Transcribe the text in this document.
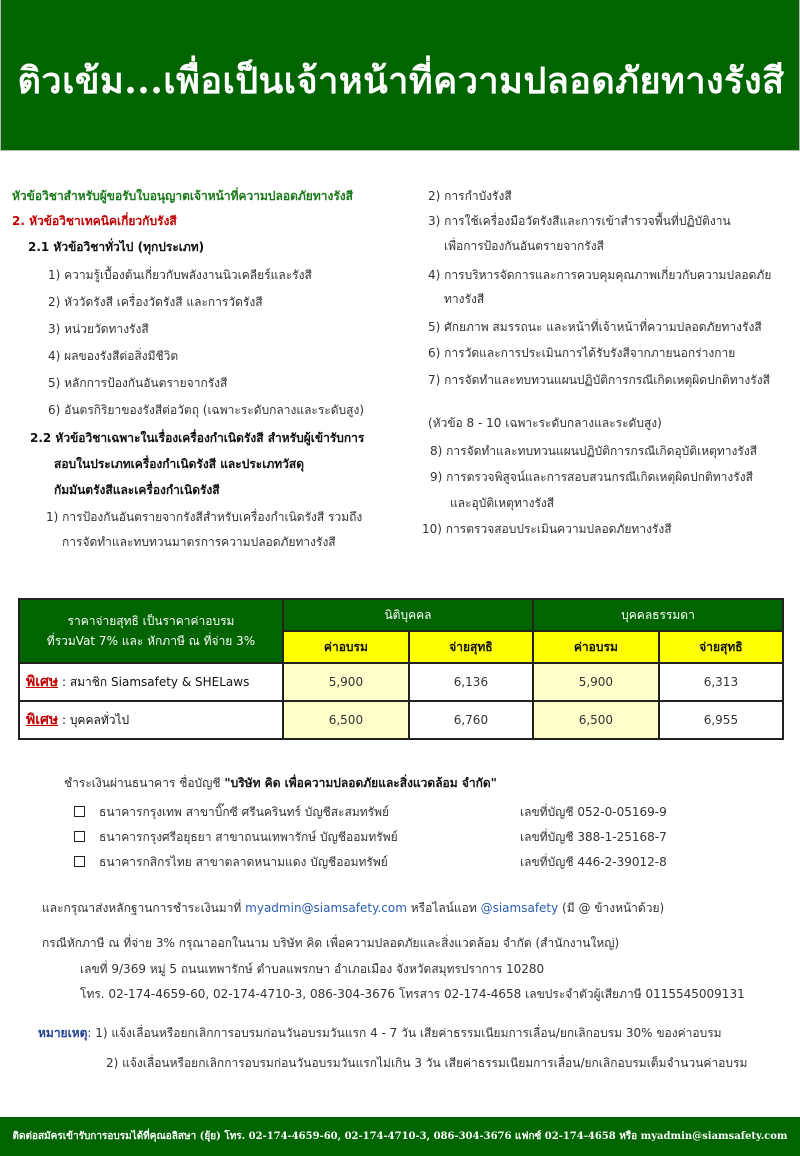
ติวเข้ม...เพื่อเป็นเจ้าหน้าที่ความปลอดภัยทางรังสี
หัวข้อวิชาสำหรับผู้ขอรับใบอนุญาตเจ้าหน้าที่ความปลอดภัยทางรังสี
2. หัวข้อวิชาเทคนิคเกี่ยวกับรังสี
2.1 หัวข้อวิชาทั่วไป (ทุกประเภท)
1) ความรู้เบื้องต้นเกี่ยวกับพลังงานนิวเคลียร์และรังสี
2) หัววัดรังสี เครื่องวัดรังสี และการวัดรังสี
3) หน่วยวัดทางรังสี
4) ผลของรังสีต่อสิ่งมีชีวิต
5) หลักการป้องกันอันตรายจากรังสี
6) อันตรกิริยาของรังสีต่อวัตถุ (เฉพาะระดับกลางและระดับสูง)
2.2 หัวข้อวิชาเฉพาะในเรื่องเครื่องกำเนิดรังสี สำหรับผู้เข้ารับการ
สอบในประเภทเครื่องกำเนิดรังสี และประเภทวัสดุ
กัมมันตรังสีและเครื่องกำเนิดรังสี
1) การป้องกันอันตรายจากรังสีสำหรับเครื่องกำเนิดรังสี รวมถึง
การจัดทำและทบทวนมาตรการความปลอดภัยทางรังสี
2) การกำบังรังสี
3) การใช้เครื่องมือวัดรังสีและการเข้าสำรวจพื้นที่ปฏิบัติงาน
เพื่อการป้องกันอันตรายจากรังสี
4) การบริหารจัดการและการควบคุมคุณภาพเกี่ยวกับความปลอดภัย
ทางรังสี
5) ศักยภาพ สมรรถนะ และหน้าที่เจ้าหน้าที่ความปลอดภัยทางรังสี
6) การวัดและการประเมินการได้รับรังสีจากภายนอกร่างกาย
7) การจัดทำและทบทวนแผนปฏิบัติการกรณีเกิดเหตุผิดปกติทางรังสี
(หัวข้อ 8 - 10 เฉพาะระดับกลางและระดับสูง)
8) การจัดทำและทบทวนแผนปฏิบัติการกรณีเกิดอุบัติเหตุทางรังสี
9) การตรวจพิสูจน์และการสอบสวนกรณีเกิดเหตุผิดปกติทางรังสี
และอุบัติเหตุทางรังสี
10) การตรวจสอบประเมินความปลอดภัยทางรังสี
ราคาจ่ายสุทธิ เป็นราคาค่าอบรม
ที่รวมVat 7% และ หักภาษี ณ ที่จ่าย 3%	นิติบุคคล		บุคคลธรรมดา	
	ค่าอบรม	จ่ายสุทธิ	ค่าอบรม	จ่ายสุทธิ
พิเศษ : สมาชิก Siamsafety & SHELaws	5,900	6,136	5,900	6,313
พิเศษ : บุคคลทั่วไป	6,500	6,760	6,500	6,955
ชำระเงินผ่านธนาคาร ชื่อบัญชี "บริษัท คิด เพื่อความปลอดภัยและสิ่งแวดล้อม จำกัด"
ธนาคารกรุงเทพ สาขาบิ๊กซี ศรีนครินทร์ บัญชีสะสมทรัพย์	เลขที่บัญชี 052-0-05169-9
ธนาคารกรุงศรีอยุธยา สาขาถนนเทพารักษ์ บัญชีออมทรัพย์	เลขที่บัญชี 388-1-25168-7
ธนาคารกสิกรไทย สาขาตลาดหนามแดง บัญชีออมทรัพย์	เลขที่บัญชี 446-2-39012-8
และกรุณาส่งหลักฐานการชำระเงินมาที่ myadmin@siamsafety.com หรือไลน์แอท @siamsafety (มี @ ข้างหน้าด้วย)
กรณีหักภาษี ณ ที่จ่าย 3% กรุณาออกในนาม บริษัท คิด เพื่อความปลอดภัยและสิ่งแวดล้อม จำกัด (สำนักงานใหญ่)
เลขที่ 9/369 หมู่ 5 ถนนเทพารักษ์ ตำบลแพรกษา อำเภอเมือง จังหวัดสมุทรปราการ 10280
โทร. 02-174-4659-60, 02-174-4710-3, 086-304-3676 โทรสาร 02-174-4658 เลขประจำตัวผู้เสียภาษี 0115545009131
หมายเหตุ: 1) แจ้งเลื่อนหรือยกเลิกการอบรมก่อนวันอบรมวันแรก 4 - 7 วัน เสียค่าธรรมเนียมการเลื่อน/ยกเลิกอบรม 30% ของค่าอบรม
2) แจ้งเลื่อนหรือยกเลิกการอบรมก่อนวันอบรมวันแรกไม่เกิน 3 วัน เสียค่าธรรมเนียมการเลื่อน/ยกเลิกอบรมเต็มจำนวนค่าอบรม
ติดต่อสมัครเข้ารับการอบรมได้ที่คุณอลิสษา (ยุ้ย) โทร. 02-174-4659-60, 02-174-4710-3, 086-304-3676 แฟกซ์ 02-174-4658 หรือ myadmin@siamsafety.com
